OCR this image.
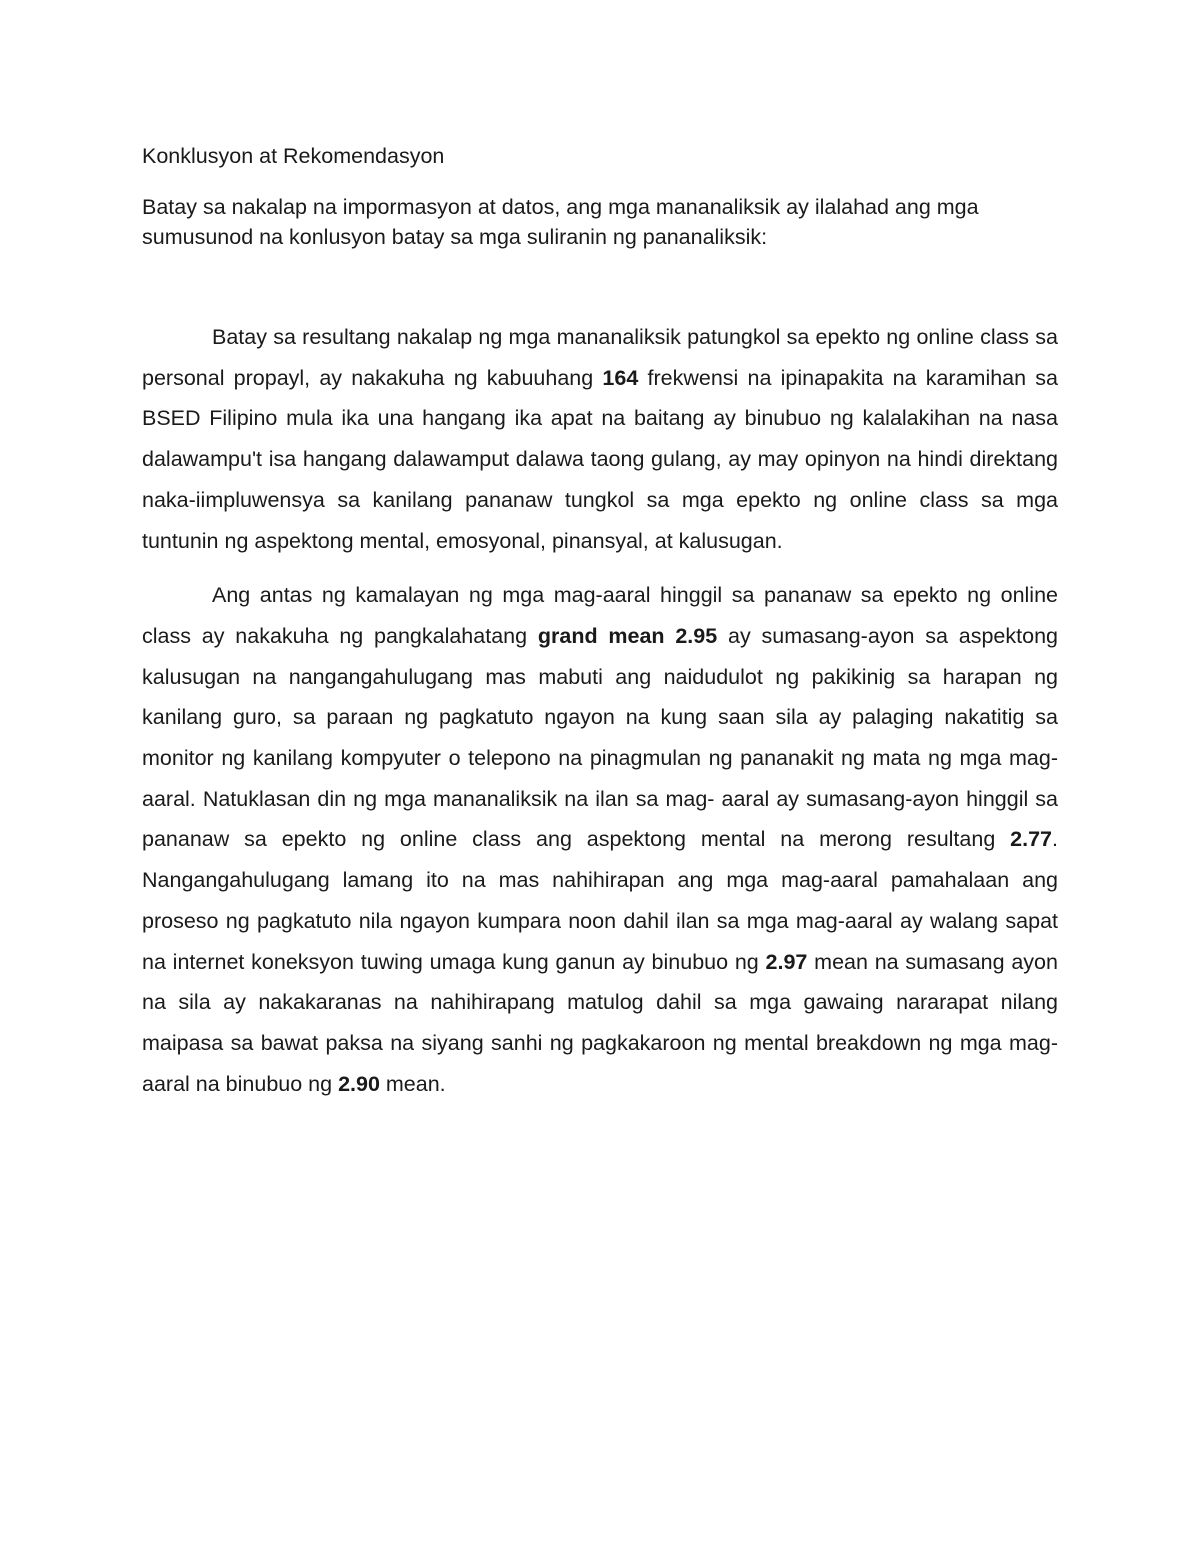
Konklusyon at Rekomendasyon

Batay sa nakalap na impormasyon at datos, ang mga mananaliksik ay ilalahad ang mga sumusunod na konlusyon batay sa mga suliranin ng pananaliksik:

Batay sa resultang nakalap ng mga mananaliksik patungkol sa epekto ng online class sa personal propayl, ay nakakuha ng kabuuhang 164 frekwensi na ipinapakita na karamihan sa BSED Filipino mula ika una hangang ika apat na baitang ay binubuo ng kalalakihan na nasa dalawampu't isa hangang dalawamput dalawa taong gulang, ay may opinyon na hindi direktang naka-iimpluwensya sa kanilang pananaw tungkol sa mga epekto ng online class sa mga tuntunin ng aspektong mental, emosyonal, pinansyal, at kalusugan.

Ang antas ng kamalayan ng mga mag-aaral hinggil sa pananaw sa epekto ng online class ay nakakuha ng pangkalahatang grand mean 2.95 ay sumasang-ayon sa aspektong kalusugan na nangangahulugang mas mabuti ang naidudulot ng pakikinig sa harapan ng kanilang guro, sa paraan ng pagkatuto ngayon na kung saan sila ay palaging nakatitig sa monitor ng kanilang kompyuter o telepono na pinagmulan ng pananakit ng mata ng mga mag-aaral. Natuklasan din ng mga mananaliksik na ilan sa mag- aaral ay sumasang-ayon hinggil sa pananaw sa epekto ng online class ang aspektong mental na merong resultang 2.77. Nangangahulugang lamang ito na mas nahihirapan ang mga mag-aaral pamahalaan ang proseso ng pagkatuto nila ngayon kumpara noon dahil ilan sa mga mag-aaral ay walang sapat na internet koneksyon tuwing umaga kung ganun ay binubuo ng 2.97 mean na sumasang ayon na sila ay nakakaranas na nahihirapang matulog dahil sa mga gawaing nararapat nilang maipasa sa bawat paksa na siyang sanhi ng pagkakaroon ng mental breakdown ng mga mag-aaral na binubuo ng 2.90 mean.
